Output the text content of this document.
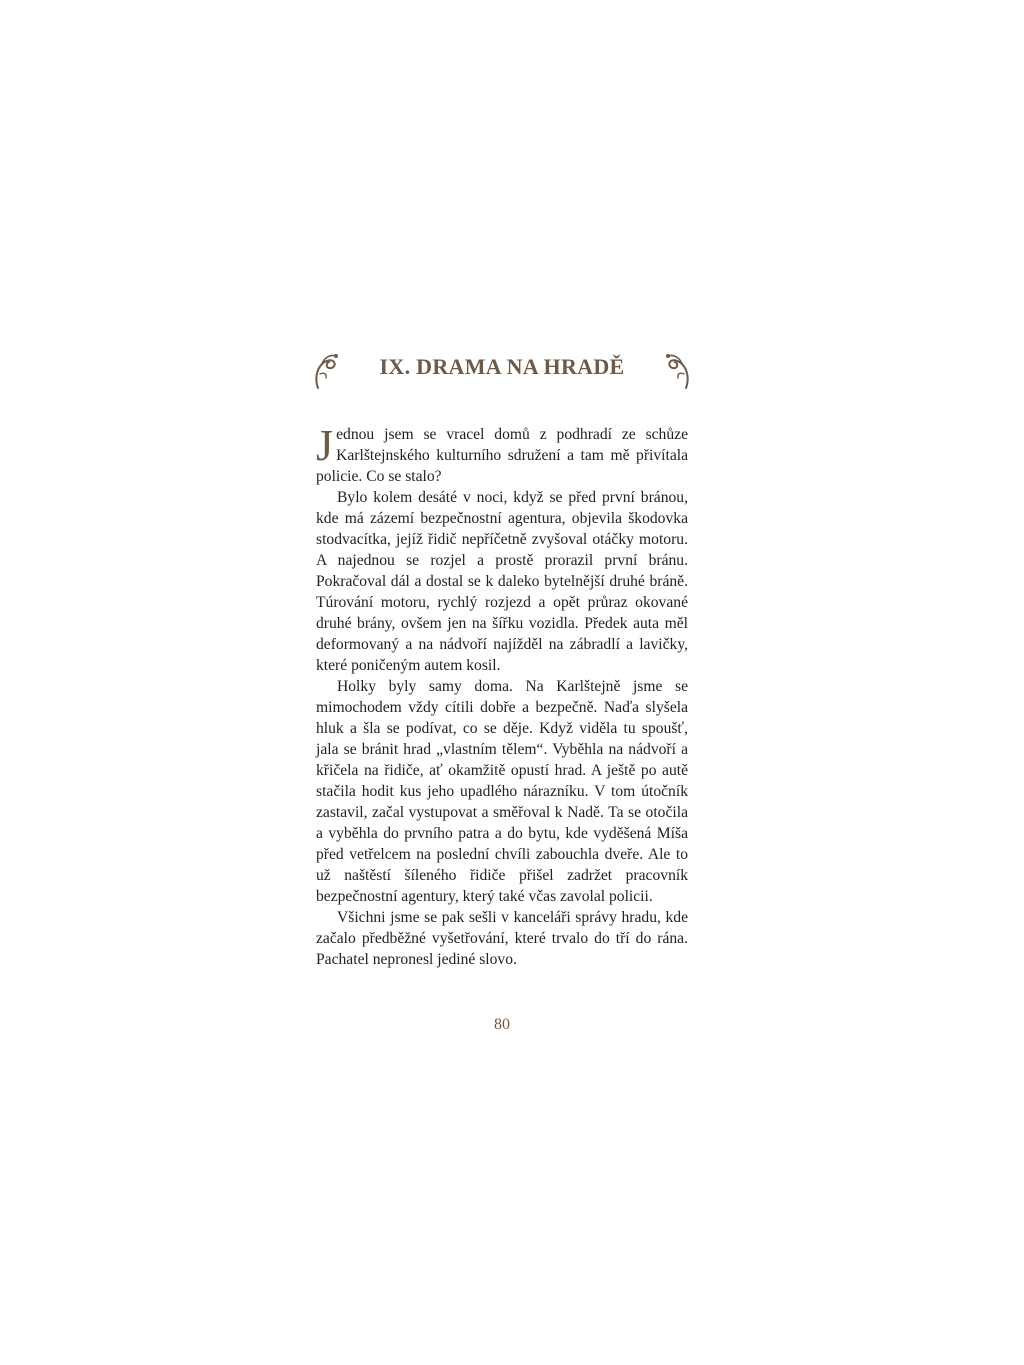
IX. DRAMA NA HRADĚ

Jednou jsem se vracel domů z podhradí ze schůze Karlštejnského kulturního sdružení a tam mě přivítala policie. Co se stalo?

Bylo kolem desáté v noci, když se před první bránou, kde má zázemí bezpečnostní agentura, objevila škodovka stodvacítka, jejíž řidič nepříčetně zvyšoval otáčky motoru. A najednou se rozjel a prostě prorazil první bránu. Pokračoval dál a dostal se k daleko bytelnější druhé bráně. Túrování motoru, rychlý rozjezd a opět průraz okované druhé brány, ovšem jen na šířku vozidla. Předek auta měl deformovaný a na nádvoří najížděl na zábradlí a lavičky, které poničeným autem kosil.

Holky byly samy doma. Na Karlštejně jsme se mimochodem vždy cítili dobře a bezpečně. Naďa slyšela hluk a šla se podívat, co se děje. Když viděla tu spoušť, jala se bránit hrad „vlastním tělem“. Vyběhla na nádvoří a křičela na řidiče, ať okamžitě opustí hrad. A ještě po autě stačila hodit kus jeho upadlého nárazníku. V tom útočník zastavil, začal vystupovat a směřoval k Nadě. Ta se otočila a vyběhla do prvního patra a do bytu, kde vyděšená Míša před vetřelcem na poslední chvíli zabouchla dveře. Ale to už naštěstí šíleného řidiče přišel zadržet pracovník bezpečnostní agentury, který také včas zavolal policii.

Všichni jsme se pak sešli v kanceláři správy hradu, kde začalo předběžné vyšetřování, které trvalo do tří do rána. Pachatel nepronesl jediné slovo.

80
